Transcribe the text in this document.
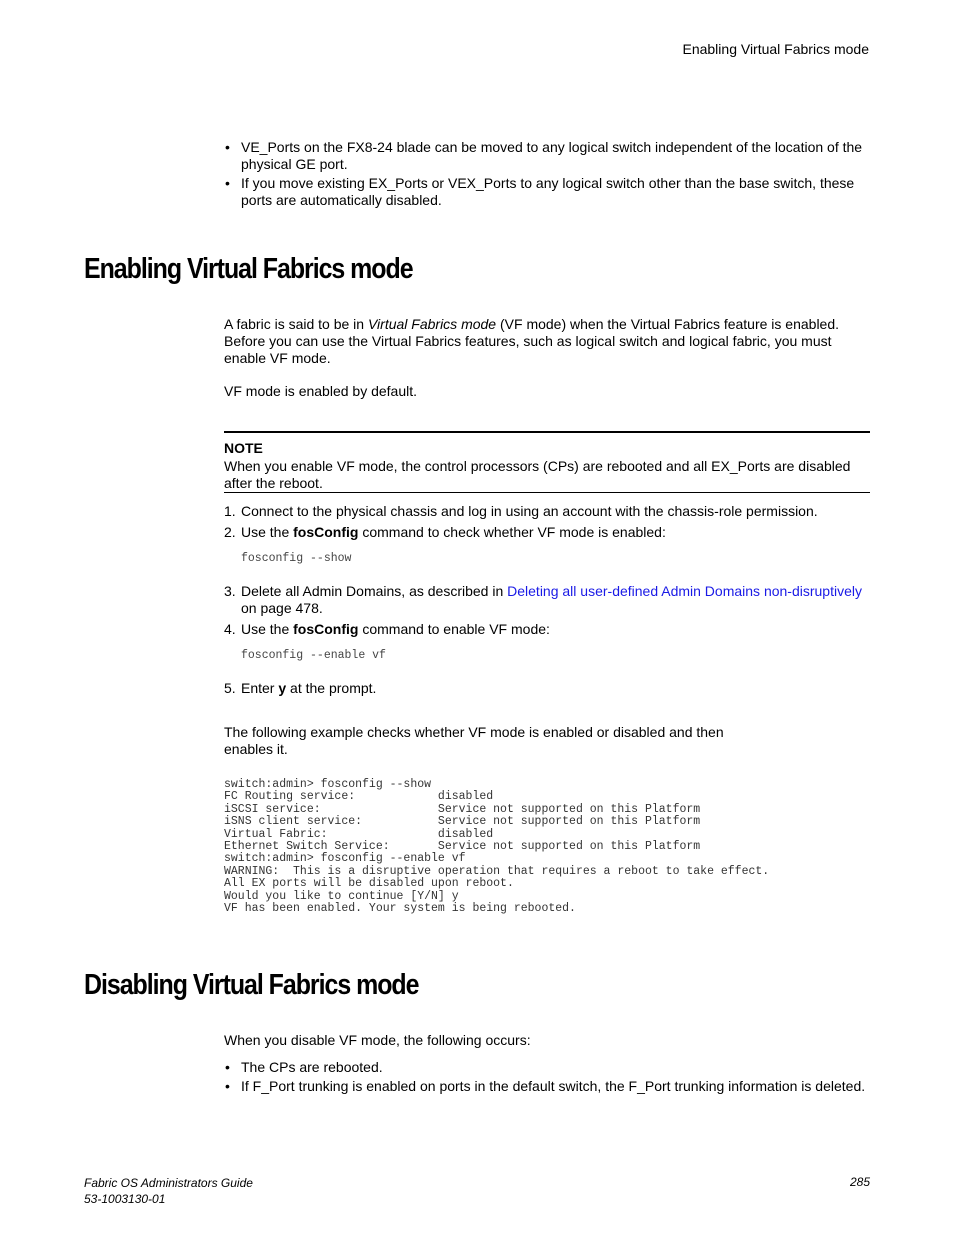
Enabling Virtual Fabrics mode
• VE_Ports on the FX8-24 blade can be moved to any logical switch independent of the location of the physical GE port.
• If you move existing EX_Ports or VEX_Ports to any logical switch other than the base switch, these ports are automatically disabled.
Enabling Virtual Fabrics mode

A fabric is said to be in Virtual Fabrics mode (VF mode) when the Virtual Fabrics feature is enabled. Before you can use the Virtual Fabrics features, such as logical switch and logical fabric, you must enable VF mode.

VF mode is enabled by default.

NOTE
When you enable VF mode, the control processors (CPs) are rebooted and all EX_Ports are disabled after the reboot.
1. Connect to the physical chassis and log in using an account with the chassis-role permission.
2. Use the fosConfig command to check whether VF mode is enabled:
fosconfig --show
3. Delete all Admin Domains, as described in Deleting all user-defined Admin Domains non-disruptively
on page 478.
4. Use the fosConfig command to enable VF mode:
fosconfig --enable vf
5. Enter y at the prompt.

The following example checks whether VF mode is enabled or disabled and then enables it.

switch:admin> fosconfig --show
FC Routing service:            disabled
iSCSI service:                 Service not supported on this Platform
iSNS client service:           Service not supported on this Platform
Virtual Fabric:                disabled
Ethernet Switch Service:       Service not supported on this Platform
switch:admin> fosconfig --enable vf
WARNING:  This is a disruptive operation that requires a reboot to take effect.
All EX ports will be disabled upon reboot.
Would you like to continue [Y/N] y
VF has been enabled. Your system is being rebooted.
Disabling Virtual Fabrics mode

When you disable VF mode, the following occurs:

• The CPs are rebooted.
• If F_Port trunking is enabled on ports in the default switch, the F_Port trunking information is deleted.
Fabric OS Administrators Guide
53-1003130-01
285
